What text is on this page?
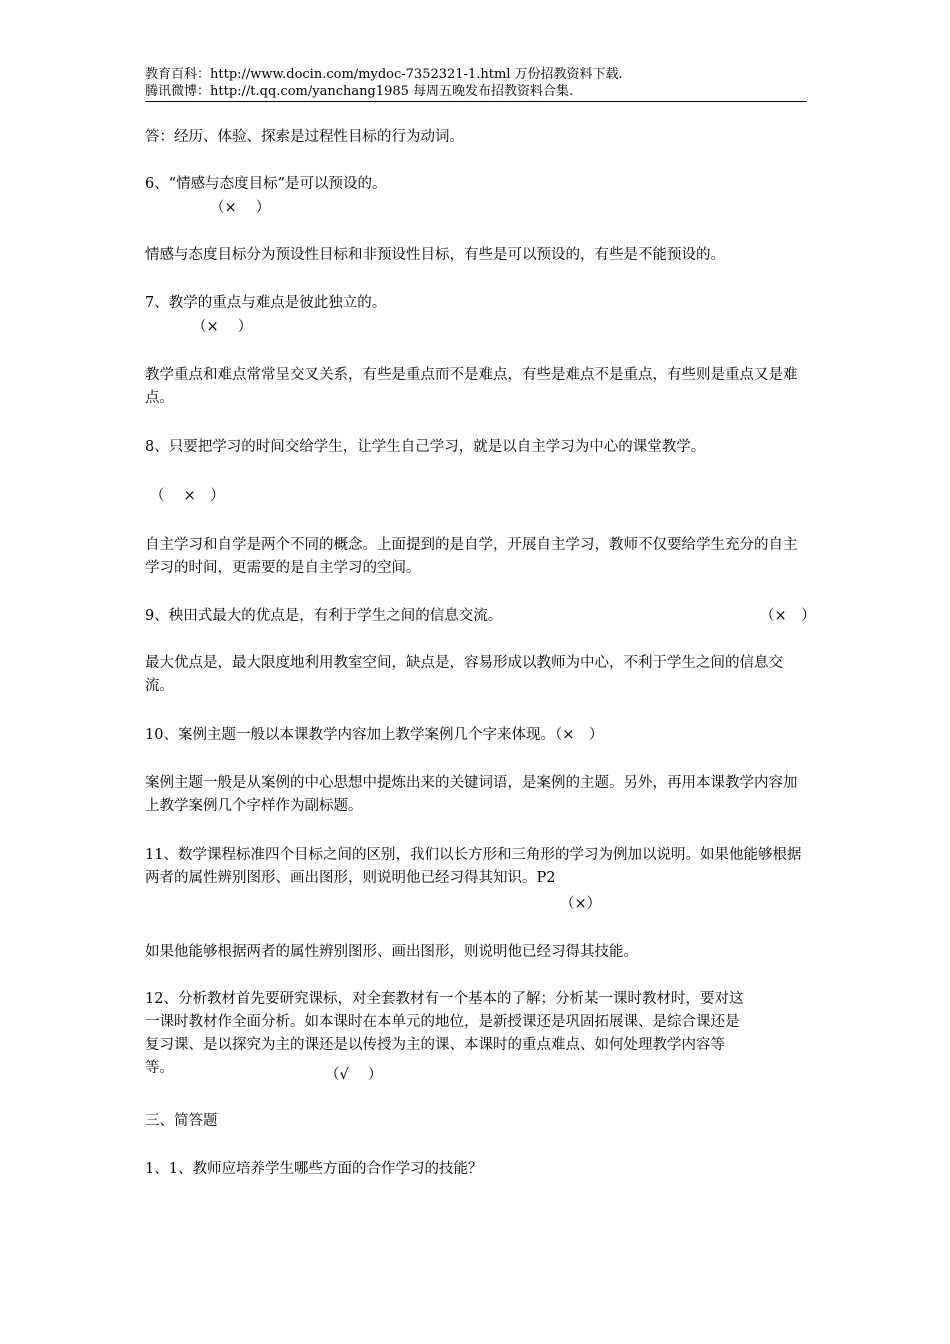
教育百科：http://www.docin.com/mydoc-7352321-1.html 万份招教资料下载.
腾讯微博：http://t.qq.com/yanchang1985 每周五晚发布招教资料合集.
答：经历、体验、探索是过程性目标的行为动词。
6、“情感与态度目标”是可以预设的。
（×　 ）
情感与态度目标分为预设性目标和非预设性目标，有些是可以预设的，有些是不能预设的。
7、教学的重点与难点是彼此独立的。
（×　 ）
教学重点和难点常常呈交叉关系，有些是重点而不是难点，有些是难点不是重点，有些则是重点又是难点。
8、只要把学习的时间交给学生，让学生自己学习，就是以自主学习为中心的课堂教学。
（　 ×　）
自主学习和自学是两个不同的概念。上面提到的是自学，开展自主学习，教师不仅要给学生充分的自主学习的时间，更需要的是自主学习的空间。
9、秧田式最大的优点是，有利于学生之间的信息交流。	（×　）
最大优点是，最大限度地利用教室空间，缺点是，容易形成以教师为中心，不利于学生之间的信息交流。
10、案例主题一般以本课教学内容加上教学案例几个字来体现。（×　）
案例主题一般是从案例的中心思想中提炼出来的关键词语，是案例的主题。另外，再用本课教学内容加上教学案例几个字样作为副标题。
11、数学课程标准四个目标之间的区别，我们以长方形和三角形的学习为例加以说明。如果他能够根据两者的属性辨别图形、画出图形，则说明他已经习得其知识。P2
（×）
如果他能够根据两者的属性辨别图形、画出图形，则说明他已经习得其技能。
12、分析教材首先要研究课标，对全套教材有一个基本的了解；分析某一课时教材时，要对这一课时教材作全面分析。如本课时在本单元的地位，是新授课还是巩固拓展课、是综合课还是复习课、是以探究为主的课还是以传授为主的课、本课时的重点难点、如何处理教学内容等等。	（√　 ）
三、简答题
1、1、教师应培养学生哪些方面的合作学习的技能？
